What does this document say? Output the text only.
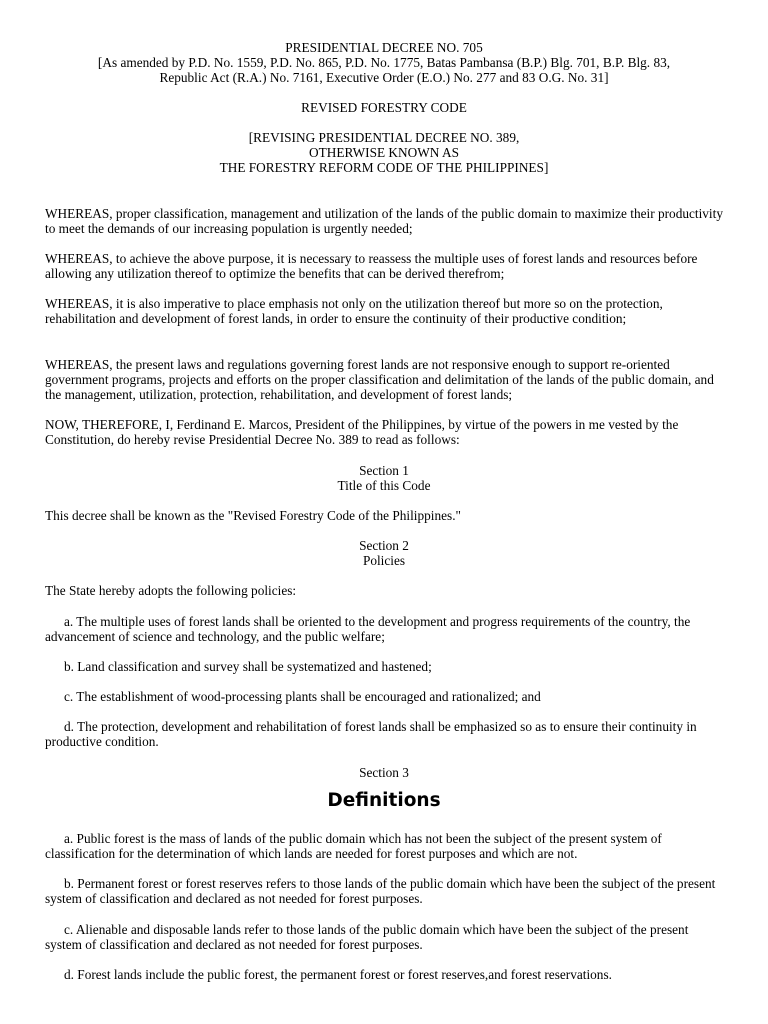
PRESIDENTIAL DECREE NO. 705
[As amended by P.D. No. 1559, P.D. No. 865, P.D. No. 1775, Batas Pambansa (B.P.) Blg. 701, B.P. Blg. 83,
Republic Act (R.A.) No. 7161, Executive Order (E.O.) No. 277 and 83 O.G. No. 31]
REVISED FORESTRY CODE
[REVISING PRESIDENTIAL DECREE NO. 389,
OTHERWISE KNOWN AS
THE FORESTRY REFORM CODE OF THE PHILIPPINES]
WHEREAS, proper classification, management and utilization of the lands of the public domain to maximize their productivity to meet the demands of our increasing population is urgently needed;
WHEREAS, to achieve the above purpose, it is necessary to reassess the multiple uses of forest lands and resources before allowing any utilization thereof to optimize the benefits that can be derived therefrom;
WHEREAS, it is also imperative to place emphasis not only on the utilization thereof but more so on the protection, rehabilitation and development of forest lands, in order to ensure the continuity of their productive condition;
WHEREAS, the present laws and regulations governing forest lands are not responsive enough to support re-oriented government programs, projects and efforts on the proper classification and delimitation of the lands of the public domain, and the management, utilization, protection, rehabilitation, and development of forest lands;
NOW, THEREFORE, I, Ferdinand E. Marcos, President of the Philippines, by virtue of the powers in me vested by the Constitution, do hereby revise Presidential Decree No. 389 to read as follows:
Section 1
Title of this Code
This decree shall be known as the "Revised Forestry Code of the Philippines."
Section 2
Policies
The State hereby adopts the following policies:
a. The multiple uses of forest lands shall be oriented to the development and progress requirements of the country, the advancement of science and technology, and the public welfare;
b. Land classification and survey shall be systematized and hastened;
c. The establishment of wood-processing plants shall be encouraged and rationalized; and
d. The protection, development and rehabilitation of forest lands shall be emphasized so as to ensure their continuity in productive condition.
Section 3
Definitions
a. Public forest is the mass of lands of the public domain which has not been the subject of the present system of classification for the determination of which lands are needed for forest purposes and which are not.
b. Permanent forest or forest reserves refers to those lands of the public domain which have been the subject of the present system of classification and declared as not needed for forest purposes.
c. Alienable and disposable lands refer to those lands of the public domain which have been the subject of the present system of classification and declared as not needed for forest purposes.
d. Forest lands include the public forest, the permanent forest or forest reserves,and forest reservations.
